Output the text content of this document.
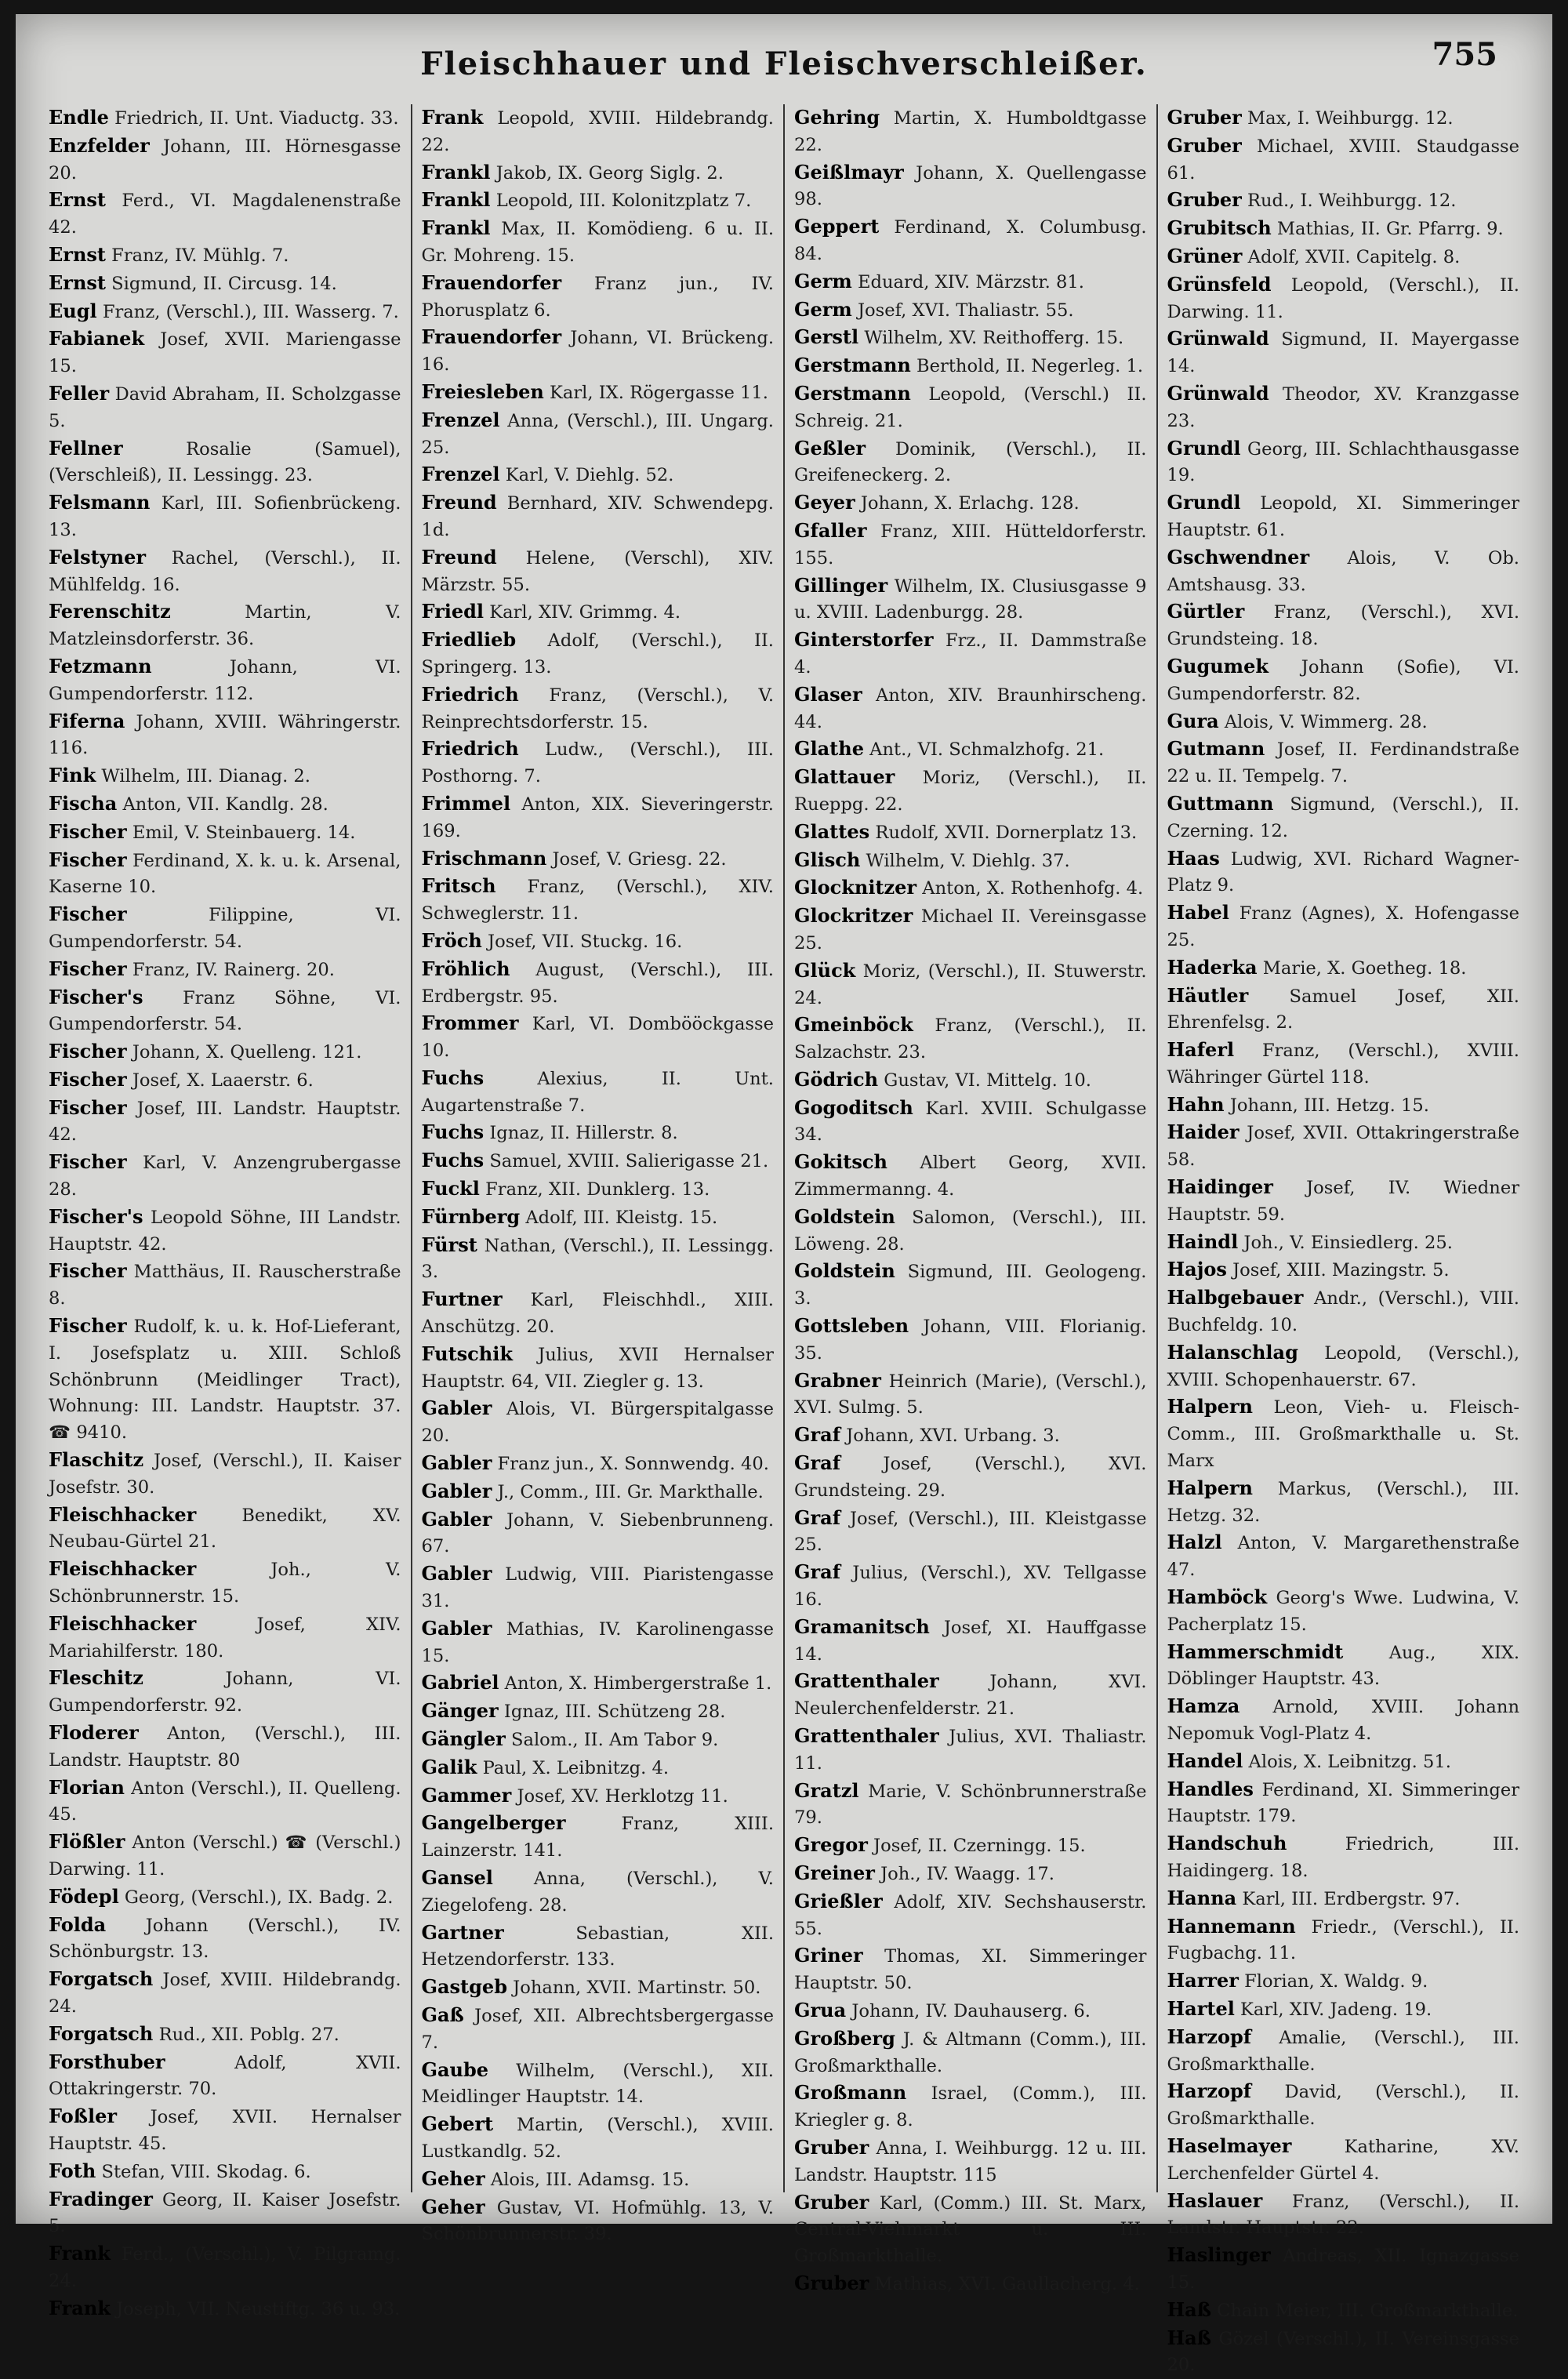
Fleischhauer und Fleischverschleißer.	755
Endle Friedrich, II. Unt. Viaductg. 33.
Enzfelder Johann, III. Hörnesgasse 20.
Ernst Ferd., VI. Magdalenenstraße 42.
Ernst Franz, IV. Mühlg. 7.
Ernst Sigmund, II. Circusg. 14.
Eugl Franz, (Verschl.), III. Wasserg. 7.
Fabianek Josef, XVII. Mariengasse 15.
Feller David Abraham, II. Scholzgasse 5.
Fellner	Rosalie (Samuel), (Verschleiß), II. Lessingg. 23.
Felsmann Karl, III. Sofienbrückeng. 13.
Felstyner Rachel, (Verschl.), II. Mühlfeldg. 16.
Ferenschitz	Martin, V. Matzleinsdorferstr. 36.
Fetzmann	Johann, VI. Gumpendorferstr. 112.
Fiferna Johann, XVIII. Währingerstr. 116.
Fink Wilhelm, III. Dianag. 2.
Fischa Anton, VII. Kandlg. 28.
Fischer Emil, V. Steinbauerg. 14.
Fischer Ferdinand, X. k. u. k. Arsenal, Kaserne 10.
Fischer	Filippine, VI. Gumpendorferstr. 54.
Fischer Franz, IV. Rainerg. 20.
Fischer's Franz Söhne, VI. Gumpendorferstr. 54.
Fischer Johann, X. Quelleng. 121.
Fischer Josef, X. Laaerstr. 6.
Fischer Josef, III. Landstr. Hauptstr. 42.
Fischer Karl, V. Anzengrubergasse 28.
Fischer's Leopold Söhne, III Landstr. Hauptstr. 42.
Fischer Matthäus, II. Rauscherstraße 8.
Fischer Rudolf, k. u. k. Hof-Lieferant, I. Josefsplatz u. XIII. Schloß Schönbrunn (Meidlinger Tract), Wohnung: III. Landstr. Hauptstr. 37. ☎ 9410.
Flaschitz Josef, (Verschl.), II. Kaiser Josefstr. 30.
Fleischhacker	Benedikt, XV. Neubau-Gürtel 21.
Fleischhacker	Joh., V. Schönbrunnerstr. 15.
Fleischhacker	Josef, XIV. Mariahilferstr. 180.
Fleschitz	Johann, VI. Gumpendorferstr. 92.
Floderer Anton, (Verschl.), III. Landstr. Hauptstr. 80
Florian Anton (Verschl.), II. Quelleng. 45.
Flößler Anton (Verschl.) ☎ (Verschl.) Darwing. 11.
Födерl Georg, (Verschl.), IX. Badg. 2.
Folda Johann (Verschl.), IV. Schönburgstr. 13.
Forgatsch Josef, XVIII. Hildebrandg. 24.
Forgatsch Rud., XII. Poblg. 27.
Forsthuber	Adolf, XVII. Ottakringerstr. 70.
Foßler Josef, XVII. Hernalser Hauptstr. 45.
Foth Stefan, VIII. Skodag. 6.
Fradinger Georg, II. Kaiser Josefstr. 5.
Frank Ferd., (Verschl.), V. Pilgramg. 24.
Frank Joseph, VII. Neustiftg. 36 u. 93.
Frank Leopold, XVIII. Hildebrandg. 22.
Frankl Jakob, IX. Georg Siglg. 2.
Frankl Leopold, III. Kolonitzplatz 7.
Frankl Max, II. Komödieng. 6 u. II. Gr. Mohreng. 15.
Frauendorfer Franz jun., IV. Phorusplatz 6.
Frauendorfer Johann, VI. Brückeng. 16.
Freiesleben Karl, IX. Rögergasse 11.
Frenzel Anna, (Verschl.), III. Ungarg. 25.
Frenzel Karl, V. Diehlg. 52.
Freund Bernhard, XIV. Schwendерg. 1d.
Freund Helene, (Verschl), XIV. Märzstr. 55.
Friedl Karl, XIV. Grimmg. 4.
Friedlieb Adolf, (Verschl.), II. Springerg. 13.
Friedrich Franz, (Verschl.), V. Reinprechtsdorferstr. 15.
Friedrich Ludw., (Verschl.), III. Posthorng. 7.
Frimmel Anton, XIX. Sieveringerstr. 169.
Frischmann Josef, V. Griesg. 22.
Fritsch Franz, (Verschl.), XIV. Schweglerstr. 11.
Fröch Josef, VII. Stuckg. 16.
Fröhlich August, (Verschl.), III. Erdbergstr. 95.
Frommer Karl, VI. Dombööckgasse 10.
Fuchs	Alexius, II. Unt. Augartenstraße 7.
Fuchs Ignaz, II. Hillerstr. 8.
Fuchs Samuel, XVIII. Salierigasse 21.
Fuckl Franz, XII. Dunklerg. 13.
Fürnberg Adolf, III. Kleistg. 15.
Fürst Nathan, (Verschl.), II. Lessingg. 3.
Furtner Karl, Fleischhdl., XIII. Anschützg. 20.
Futschik Julius, XVII Hernalser Hauptstr. 64, VII. Ziegler g. 13.
Gabler Alois, VI. Bürgerspitalgasse 20.
Gabler Franz jun., X. Sonnwendg. 40.
Gabler J., Comm., III. Gr. Markthalle.
Gabler Johann, V. Siebenbrunneng. 67.
Gabler Ludwig, VIII. Piaristengasse 31.
Gabler Mathias, IV. Karolinengasse 15.
Gabriel Anton, X. Himbergerstraße 1.
Gänger Ignaz, III. Schützeng 28.
Gängler Salom., II. Am Tabor 9.
Galik Paul, X. Leibnitzg. 4.
Gammer Josef, XV. Herklotzg 11.
Gangelberger	Franz, XIII. Lainzerstr. 141.
Gansel Anna, (Verschl.), V. Ziegelofeng. 28.
Gartner	Sebastian, XII. Hetzendorferstr. 133.
Gastgeb Johann, XVII. Martinstr. 50.
Gaß Josef, XII. Albrechtsbergergasse 7.
Gaube Wilhelm, (Verschl.), XII. Meidlinger Hauptstr. 14.
Gebert Martin, (Verschl.), XVIII. Lustkandlg. 52.
Geher Alois, III. Adamsg. 15.
Geher Gustav, VI. Hofmühlg. 13, V. Schönbrunnerstr. 39.
Gehring Martin, X. Humboldtgasse 22.
Geißlmayr Johann, X. Quellengasse 98.
Geppert Ferdinand, X. Columbusg. 84.
Germ Eduard, XIV. Märzstr. 81.
Germ Josef, XVI. Thaliastr. 55.
Gerstl Wilhelm, XV. Reithofferg. 15.
Gerstmann Berthold, II. Negerleg. 1.
Gerstmann Leopold, (Verschl.) II. Schreig. 21.
Geßler Dominik, (Verschl.), II. Greifeneckerg. 2.
Geyer Johann, X. Erlachg. 128.
Gfaller Franz, XIII. Hütteldorferstr. 155.
Gillinger Wilhelm, IX. Clusiusgasse 9 u. XVIII. Ladenburgg. 28.
Ginterstorfer Frz., II. Dammstraße 4.
Glaser Anton, XIV. Braunhirscheng. 44.
Glathe Ant., VI. Schmalzhofg. 21.
Glattauer Moriz, (Verschl.), II. Rueppg. 22.
Glattes Rudolf, XVII. Dornerplatz 13.
Glisch Wilhelm, V. Diehlg. 37.
Glocknitzer Anton, X. Rothenhofg. 4.
Glockritzer Michael II. Vereinsgasse 25.
Glück Moriz, (Verschl.), II. Stuwerstr. 24.
Gmeinböck Franz, (Verschl.), II. Salzachstr. 23.
Gödrich Gustav, VI. Mittelg. 10.
Gogoditsch Karl. XVIII. Schulgasse 34.
Gokitsch Albert Georg, XVII. Zimmermanng. 4.
Goldstein Salomon, (Verschl.), III. Löweng. 28.
Goldstein Sigmund, III. Geologeng. 3.
Gottsleben Johann, VIII. Florianig. 35.
Grabner Heinrich (Marie), (Verschl.), XVI. Sulmg. 5.
Graf Johann, XVI. Urbang. 3.
Graf Josef, (Verschl.), XVI. Grundsteing. 29.
Graf Josef, (Verschl.), III. Kleistgasse 25.
Graf Julius, (Verschl.), XV. Tellgasse 16.
Gramanitsch Josef, XI. Hauffgasse 14.
Grattenthaler	Johann, XVI. Neulerchenfelderstr. 21.
Grattenthaler Julius, XVI. Thaliastr. 11.
Gratzl Marie, V. Schönbrunnerstraße 79.
Gregor Josef, II. Czerningg. 15.
Greiner Joh., IV. Waagg. 17.
Grießler Adolf, XIV. Sechshauserstr. 55.
Griner Thomas, XI. Simmeringer Hauptstr. 50.
Grua Johann, IV. Dauhauserg. 6.
Großberg J. & Altmann (Comm.), III. Großmarkthalle.
Großmann Israel, (Comm.), III. Kriegler g. 8.
Gruber Anna, I. Weihburgg. 12 u. III. Landstr. Hauptstr. 115
Gruber Karl, (Comm.) III. St. Marx, Central-Viehmarkt u. III. Großmarkthalle.
Gruber Mathias, XVI. Gaullacherg. 4.
Gruber Max, I. Weihburgg. 12.
Gruber Michael, XVIII. Staudgasse 61.
Gruber Rud., I. Weihburgg. 12.
Grubitsch Mathias, II. Gr. Pfarrg. 9.
Grüner Adolf, XVII. Capitelg. 8.
Grünsfeld Leopold, (Verschl.), II. Darwing. 11.
Grünwald Sigmund, II. Mayergasse 14.
Grünwald Theodor, XV. Kranzgasse 23.
Grundl Georg, III. Schlachthausgasse 19.
Grundl Leopold, XI. Simmeringer Hauptstr. 61.
Gschwendner Alois, V. Ob. Amtshausg. 33.
Gürtler Franz, (Verschl.), XVI. Grundsteing. 18.
Gugumek Johann (Sofie), VI. Gumpendorferstr. 82.
Gura Alois, V. Wimmerg. 28.
Gutmann Josef, II. Ferdinandstraße 22 u. II. Tempelg. 7.
Guttmann Sigmund, (Verschl.), II. Czerning. 12.
Haas Ludwig, XVI. Richard Wagner-Platz 9.
Habel Franz (Agnes), X. Hofengasse 25.
Haderka Marie, X. Goetheg. 18.
Häutler Samuel Josef, XII. Ehrenfelsg. 2.
Haferl Franz, (Verschl.), XVIII. Währinger Gürtel 118.
Hahn Johann, III. Hetzg. 15.
Haider Josef, XVII. Ottakringerstraße 58.
Haidinger Josef, IV. Wiedner Hauptstr. 59.
Haindl Joh., V. Einsiedlerg. 25.
Hajos Josef, XIII. Mazingstr. 5.
Halbgebauer Andr., (Verschl.), VIII. Buchfeldg. 10.
Halanschlag Leopold, (Verschl.), XVIII. Schopenhauerstr. 67.
Halpern Leon, Vieh- u. Fleisch-Comm., III. Großmarkthalle u. St. Marx
Halpern Markus, (Verschl.), III. Hetzg. 32.
Halzl Anton, V. Margarethenstraße 47.
Hamböck Georg's Wwe. Ludwina, V. Pacherplatz 15.
Hammerschmidt	Aug., XIX. Döblinger Hauptstr. 43.
Hamza Arnold, XVIII. Johann Nepomuk Vogl-Platz 4.
Handel Alois, X. Leibnitzg. 51.
Handles Ferdinand, XI. Simmeringer Hauptstr. 179.
Handschuh	Friedrich, III. Haidingerg. 18.
Hanna Karl, III. Erdbergstr. 97.
Hannemann Friedr., (Verschl.), II. Fugbachg. 11.
Harrer Florian, X. Waldg. 9.
Hartel Karl, XIV. Jadeng. 19.
Harzopf Amalie, (Verschl.), III. Großmarkthalle.
Harzopf David, (Verschl.), II. Großmarkthalle.
Haselmayer	Katharine, XV. Lerchenfelder Gürtel 4.
Haslauer Franz, (Verschl.), II. Landstr. Hauptstr. 22.
Haslinger Andreas, XII. Ignazgasse 15.
Haß Chain Meier, III. Großmarkthalle.
Haß Gözel (Verschl.), II. Vereinsgasse 20.
